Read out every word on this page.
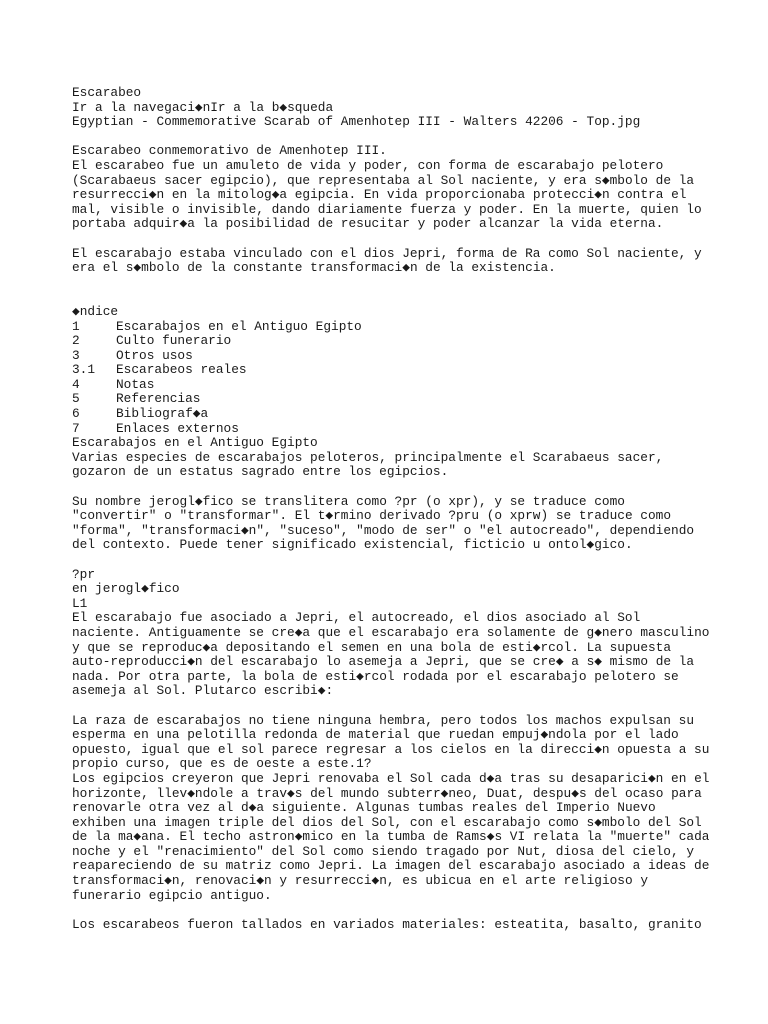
Escarabeo
Ir a la navegaci◆nIr a la b◆squeda
Egyptian - Commemorative Scarab of Amenhotep III - Walters 42206 - Top.jpg
Escarabeo conmemorativo de Amenhotep III.
El escarabeo fue un amuleto de vida y poder, con forma de escarabajo pelotero
(Scarabaeus sacer egipcio), que representaba al Sol naciente, y era s◆mbolo de la
resurrecci◆n en la mitolog◆a egipcia. En vida proporcionaba protecci◆n contra el
mal, visible o invisible, dando diariamente fuerza y poder. En la muerte, quien lo
portaba adquir◆a la posibilidad de resucitar y poder alcanzar la vida eterna.
El escarabajo estaba vinculado con el dios Jepri, forma de Ra como Sol naciente, y
era el s◆mbolo de la constante transformaci◆n de la existencia.
◆ndice
1	Escarabajos en el Antiguo Egipto
2	Culto funerario
3	Otros usos
3.1 Escarabeos reales
4	Notas
5	Referencias
6	Bibliograf◆a
7	Enlaces externos
Escarabajos en el Antiguo Egipto
Varias especies de escarabajos peloteros, principalmente el Scarabaeus sacer,
gozaron de un estatus sagrado entre los egipcios.
Su nombre jerogl◆fico se translitera como ?pr (o xpr), y se traduce como
"convertir" o "transformar". El t◆rmino derivado ?pru (o xprw) se traduce como
"forma", "transformaci◆n", "suceso", "modo de ser" o "el autocreado", dependiendo
del contexto. Puede tener significado existencial, ficticio u ontol◆gico.
?pr
en jerogl◆fico
L1
El escarabajo fue asociado a Jepri, el autocreado, el dios asociado al Sol
naciente. Antiguamente se cre◆a que el escarabajo era solamente de g◆nero masculino
y que se reproduc◆a depositando el semen en una bola de esti◆rcol. La supuesta
auto-reproducci◆n del escarabajo lo asemeja a Jepri, que se cre◆ a s◆ mismo de la
nada. Por otra parte, la bola de esti◆rcol rodada por el escarabajo pelotero se
asemeja al Sol. Plutarco escribi◆:
La raza de escarabajos no tiene ninguna hembra, pero todos los machos expulsan su
esperma en una pelotilla redonda de material que ruedan empuj◆ndola por el lado
opuesto, igual que el sol parece regresar a los cielos en la direcci◆n opuesta a su
propio curso, que es de oeste a este.1?
Los egipcios creyeron que Jepri renovaba el Sol cada d◆a tras su desaparici◆n en el
horizonte, llev◆ndole a trav◆s del mundo subterr◆neo, Duat, despu◆s del ocaso para
renovarle otra vez al d◆a siguiente. Algunas tumbas reales del Imperio Nuevo
exhiben una imagen triple del dios del Sol, con el escarabajo como s◆mbolo del Sol
de la ma◆ana. El techo astron◆mico en la tumba de Rams◆s VI relata la "muerte" cada
noche y el "renacimiento" del Sol como siendo tragado por Nut, diosa del cielo, y
reapareciendo de su matriz como Jepri. La imagen del escarabajo asociado a ideas de
transformaci◆n, renovaci◆n y resurrecci◆n, es ubicua en el arte religioso y
funerario egipcio antiguo.
Los escarabeos fueron tallados en variados materiales: esteatita, basalto, granito
